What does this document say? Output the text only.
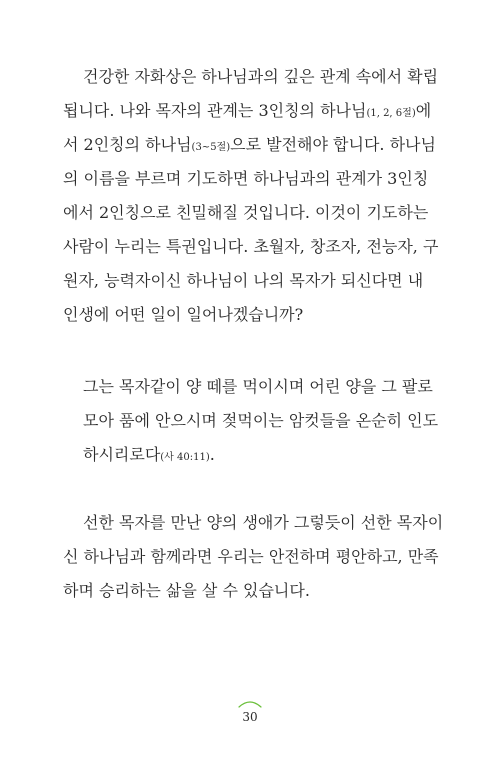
건강한 자화상은 하나님과의 깊은 관계 속에서 확립
됩니다. 나와 목자의 관계는 3인칭의 하나님(1, 2, 6절)에
서 2인칭의 하나님(3~5절)으로 발전해야 합니다. 하나님
의 이름을 부르며 기도하면 하나님과의 관계가 3인칭
에서 2인칭으로 친밀해질 것입니다. 이것이 기도하는
사람이 누리는 특권입니다. 초월자, 창조자, 전능자, 구
원자, 능력자이신 하나님이 나의 목자가 되신다면 내
인생에 어떤 일이 일어나겠습니까?
그는 목자같이 양 떼를 먹이시며 어린 양을 그 팔로
모아 품에 안으시며 젖먹이는 암컷들을 온순히 인도
하시리로다(사 40:11).
선한 목자를 만난 양의 생애가 그렇듯이 선한 목자이
신 하나님과 함께라면 우리는 안전하며 평안하고, 만족
하며 승리하는 삶을 살 수 있습니다.
30
